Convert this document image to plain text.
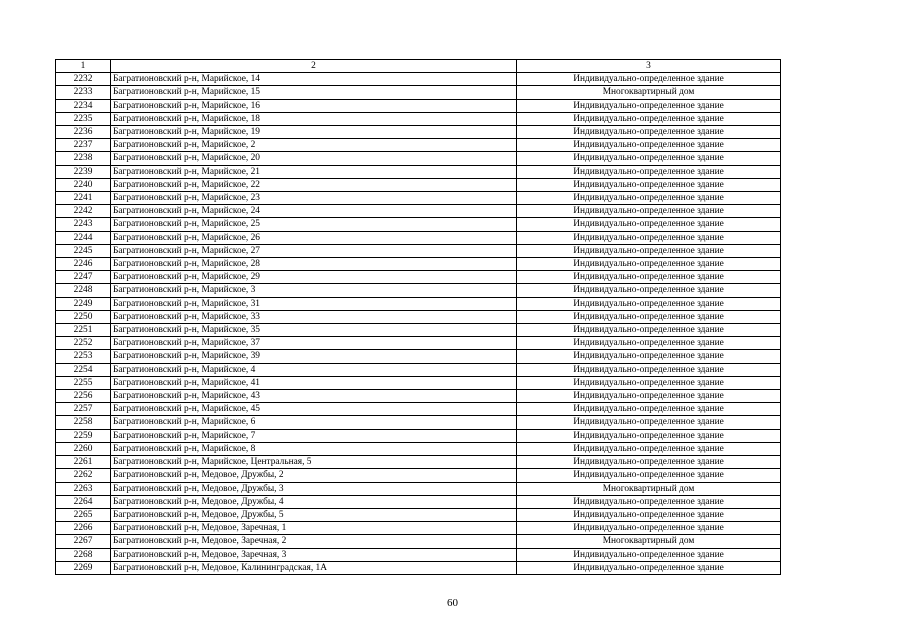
1	2	3
2232	Багратионовский р-н, Марийское, 14	Индивидуально-определенное здание
2233	Багратионовский р-н, Марийское, 15	Многоквартирный дом
2234	Багратионовский р-н, Марийское, 16	Индивидуально-определенное здание
2235	Багратионовский р-н, Марийское, 18	Индивидуально-определенное здание
2236	Багратионовский р-н, Марийское, 19	Индивидуально-определенное здание
2237	Багратионовский р-н, Марийское, 2	Индивидуально-определенное здание
2238	Багратионовский р-н, Марийское, 20	Индивидуально-определенное здание
2239	Багратионовский р-н, Марийское, 21	Индивидуально-определенное здание
2240	Багратионовский р-н, Марийское, 22	Индивидуально-определенное здание
2241	Багратионовский р-н, Марийское, 23	Индивидуально-определенное здание
2242	Багратионовский р-н, Марийское, 24	Индивидуально-определенное здание
2243	Багратионовский р-н, Марийское, 25	Индивидуально-определенное здание
2244	Багратионовский р-н, Марийское, 26	Индивидуально-определенное здание
2245	Багратионовский р-н, Марийское, 27	Индивидуально-определенное здание
2246	Багратионовский р-н, Марийское, 28	Индивидуально-определенное здание
2247	Багратионовский р-н, Марийское, 29	Индивидуально-определенное здание
2248	Багратионовский р-н, Марийское, 3	Индивидуально-определенное здание
2249	Багратионовский р-н, Марийское, 31	Индивидуально-определенное здание
2250	Багратионовский р-н, Марийское, 33	Индивидуально-определенное здание
2251	Багратионовский р-н, Марийское, 35	Индивидуально-определенное здание
2252	Багратионовский р-н, Марийское, 37	Индивидуально-определенное здание
2253	Багратионовский р-н, Марийское, 39	Индивидуально-определенное здание
2254	Багратионовский р-н, Марийское, 4	Индивидуально-определенное здание
2255	Багратионовский р-н, Марийское, 41	Индивидуально-определенное здание
2256	Багратионовский р-н, Марийское, 43	Индивидуально-определенное здание
2257	Багратионовский р-н, Марийское, 45	Индивидуально-определенное здание
2258	Багратионовский р-н, Марийское, 6	Индивидуально-определенное здание
2259	Багратионовский р-н, Марийское, 7	Индивидуально-определенное здание
2260	Багратионовский р-н, Марийское, 8	Индивидуально-определенное здание
2261	Багратионовский р-н, Марийское, Центральная, 5	Индивидуально-определенное здание
2262	Багратионовский р-н, Медовое, Дружбы, 2	Индивидуально-определенное здание
2263	Багратионовский р-н, Медовое, Дружбы, 3	Многоквартирный дом
2264	Багратионовский р-н, Медовое, Дружбы, 4	Индивидуально-определенное здание
2265	Багратионовский р-н, Медовое, Дружбы, 5	Индивидуально-определенное здание
2266	Багратионовский р-н, Медовое, Заречная, 1	Индивидуально-определенное здание
2267	Багратионовский р-н, Медовое, Заречная, 2	Многоквартирный дом
2268	Багратионовский р-н, Медовое, Заречная, 3	Индивидуально-определенное здание
2269	Багратионовский р-н, Медовое, Калининградская, 1А	Индивидуально-определенное здание
60
